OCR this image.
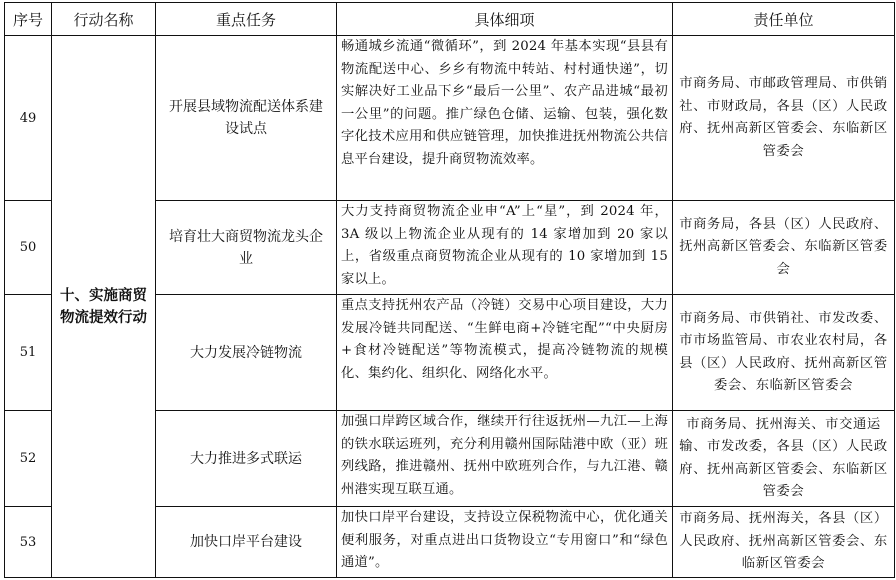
序号	行动名称	重点任务	具体细项	责任单位
49	十、实施商贸物流提效行动	开展县域物流配送体系建设试点	畅通城乡流通“微循环”，到 2024 年基本实现“县县有物流配送中心、乡乡有物流中转站、村村通快递”，切实解决好工业品下乡“最后一公里”、农产品进城“最初一公里”的问题。推广绿色仓储、运输、包装，强化数字化技术应用和供应链管理，加快推进抚州物流公共信息平台建设，提升商贸物流效率。	市商务局、市邮政管理局、市供销社、市财政局，各县（区）人民政府、抚州高新区管委会、东临新区管委会
50		培育壮大商贸物流龙头企业	大力支持商贸物流企业申“A”上“星”，到 2024 年，3A 级以上物流企业从现有的 14 家增加到 20 家以上，省级重点商贸物流企业从现有的 10 家增加到 15 家以上。	市商务局，各县（区）人民政府、抚州高新区管委会、东临新区管委会
51		大力发展冷链物流	重点支持抚州农产品（冷链）交易中心项目建设，大力发展冷链共同配送、“生鲜电商+冷链宅配”“中央厨房+食材冷链配送”等物流模式，提高冷链物流的规模化、集约化、组织化、网络化水平。	市商务局、市供销社、市发改委、市市场监管局、市农业农村局，各县（区）人民政府、抚州高新区管委会、东临新区管委会
52		大力推进多式联运	加强口岸跨区域合作，继续开行往返抚州—九江—上海的铁水联运班列，充分利用赣州国际陆港中欧（亚）班列线路，推进赣州、抚州中欧班列合作，与九江港、赣州港实现互联互通。	市商务局、抚州海关、市交通运输、市发改委，各县（区）人民政府、抚州高新区管委会、东临新区管委会
53		加快口岸平台建设	加快口岸平台建设，支持设立保税物流中心，优化通关便利服务，对重点进出口货物设立“专用窗口”和“绿色通道”。	市商务局、抚州海关，各县（区）人民政府、抚州高新区管委会、东临新区管委会
